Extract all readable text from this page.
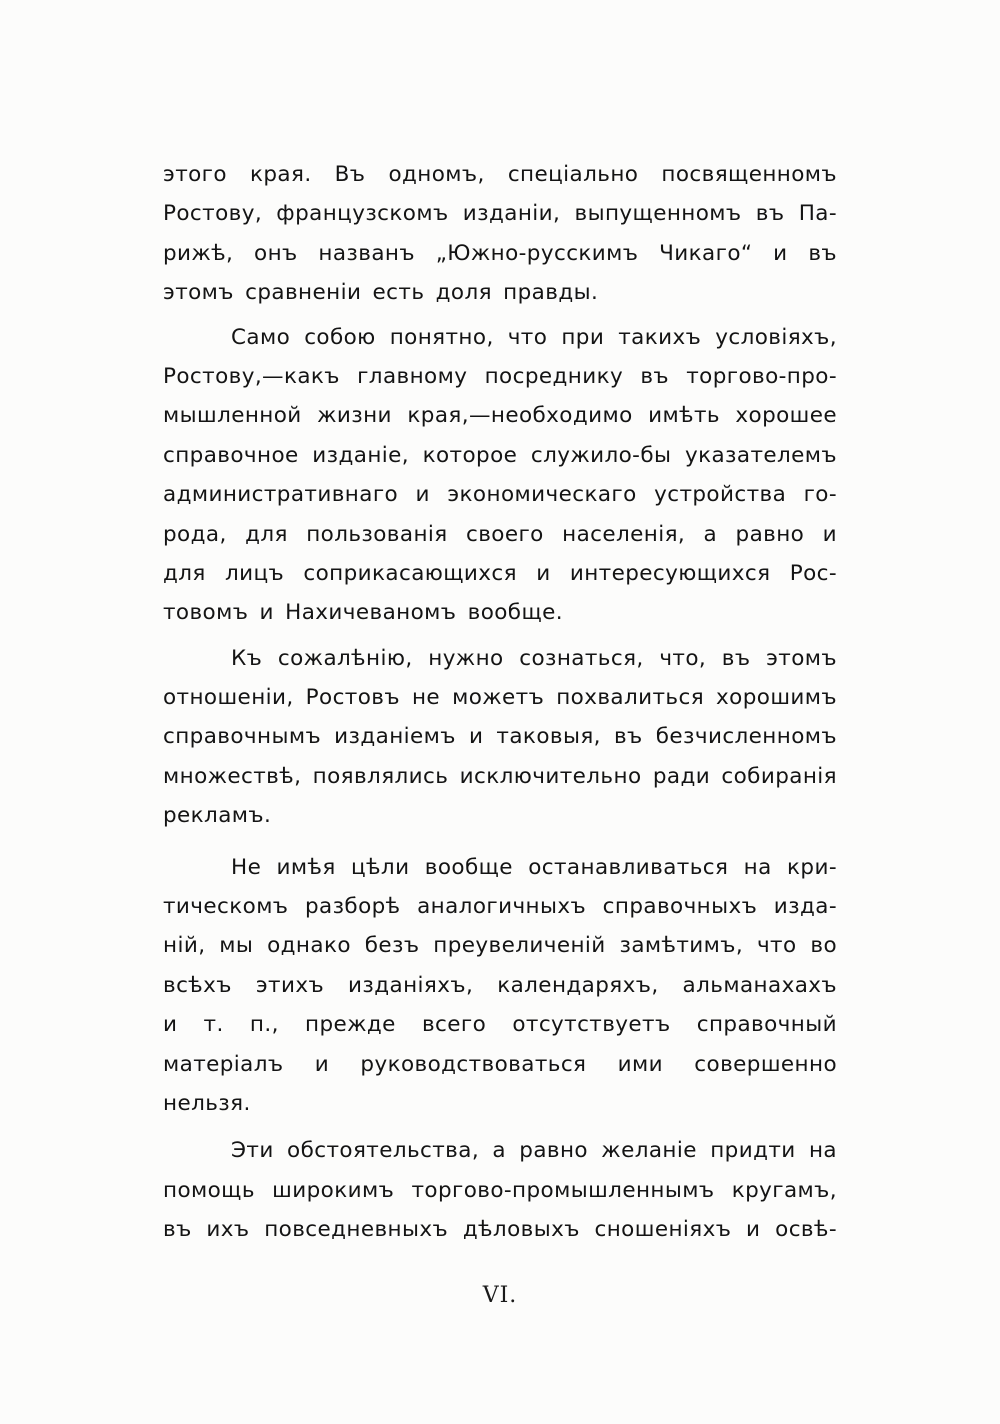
этого края. Въ одномъ, спеціально посвященномъ
Ростову, французскомъ изданіи, выпущенномъ въ Па-
рижѣ, онъ названъ „Южно-русскимъ Чикаго“ и въ
этомъ сравненіи есть доля правды.

Само собою понятно, что при такихъ условіяхъ,
Ростову,—какъ главному посреднику въ торгово-про-
мышленной жизни края,—необходимо имѣть хорошее
справочное изданіе, которое служило-бы указателемъ
административнаго и экономическаго устройства го-
рода, для пользованія своего населенія, а равно и
для лицъ соприкасающихся и интересующихся Рос-
товомъ и Нахичеваномъ вообще.

Къ сожалѣнію, нужно сознаться, что, въ этомъ
отношеніи, Ростовъ не можетъ похвалиться хорошимъ
справочнымъ изданіемъ и таковыя, въ безчисленномъ
множествѣ, появлялись исключительно ради собиранія
рекламъ.

Не имѣя цѣли вообще останавливаться на кри-
тическомъ разборѣ аналогичныхъ справочныхъ изда-
ній, мы однако безъ преувеличеній замѣтимъ, что во
всѣхъ этихъ изданіяхъ, календаряхъ, альманахахъ
и т. п., прежде всего отсутствуетъ справочный
матеріалъ и руководствоваться ими совершенно
нельзя.

Эти обстоятельства, а равно желаніе придти на
помощь широкимъ торгово-промышленнымъ кругамъ,
въ ихъ повседневныхъ дѣловыхъ сношеніяхъ и освѣ-

VI.
